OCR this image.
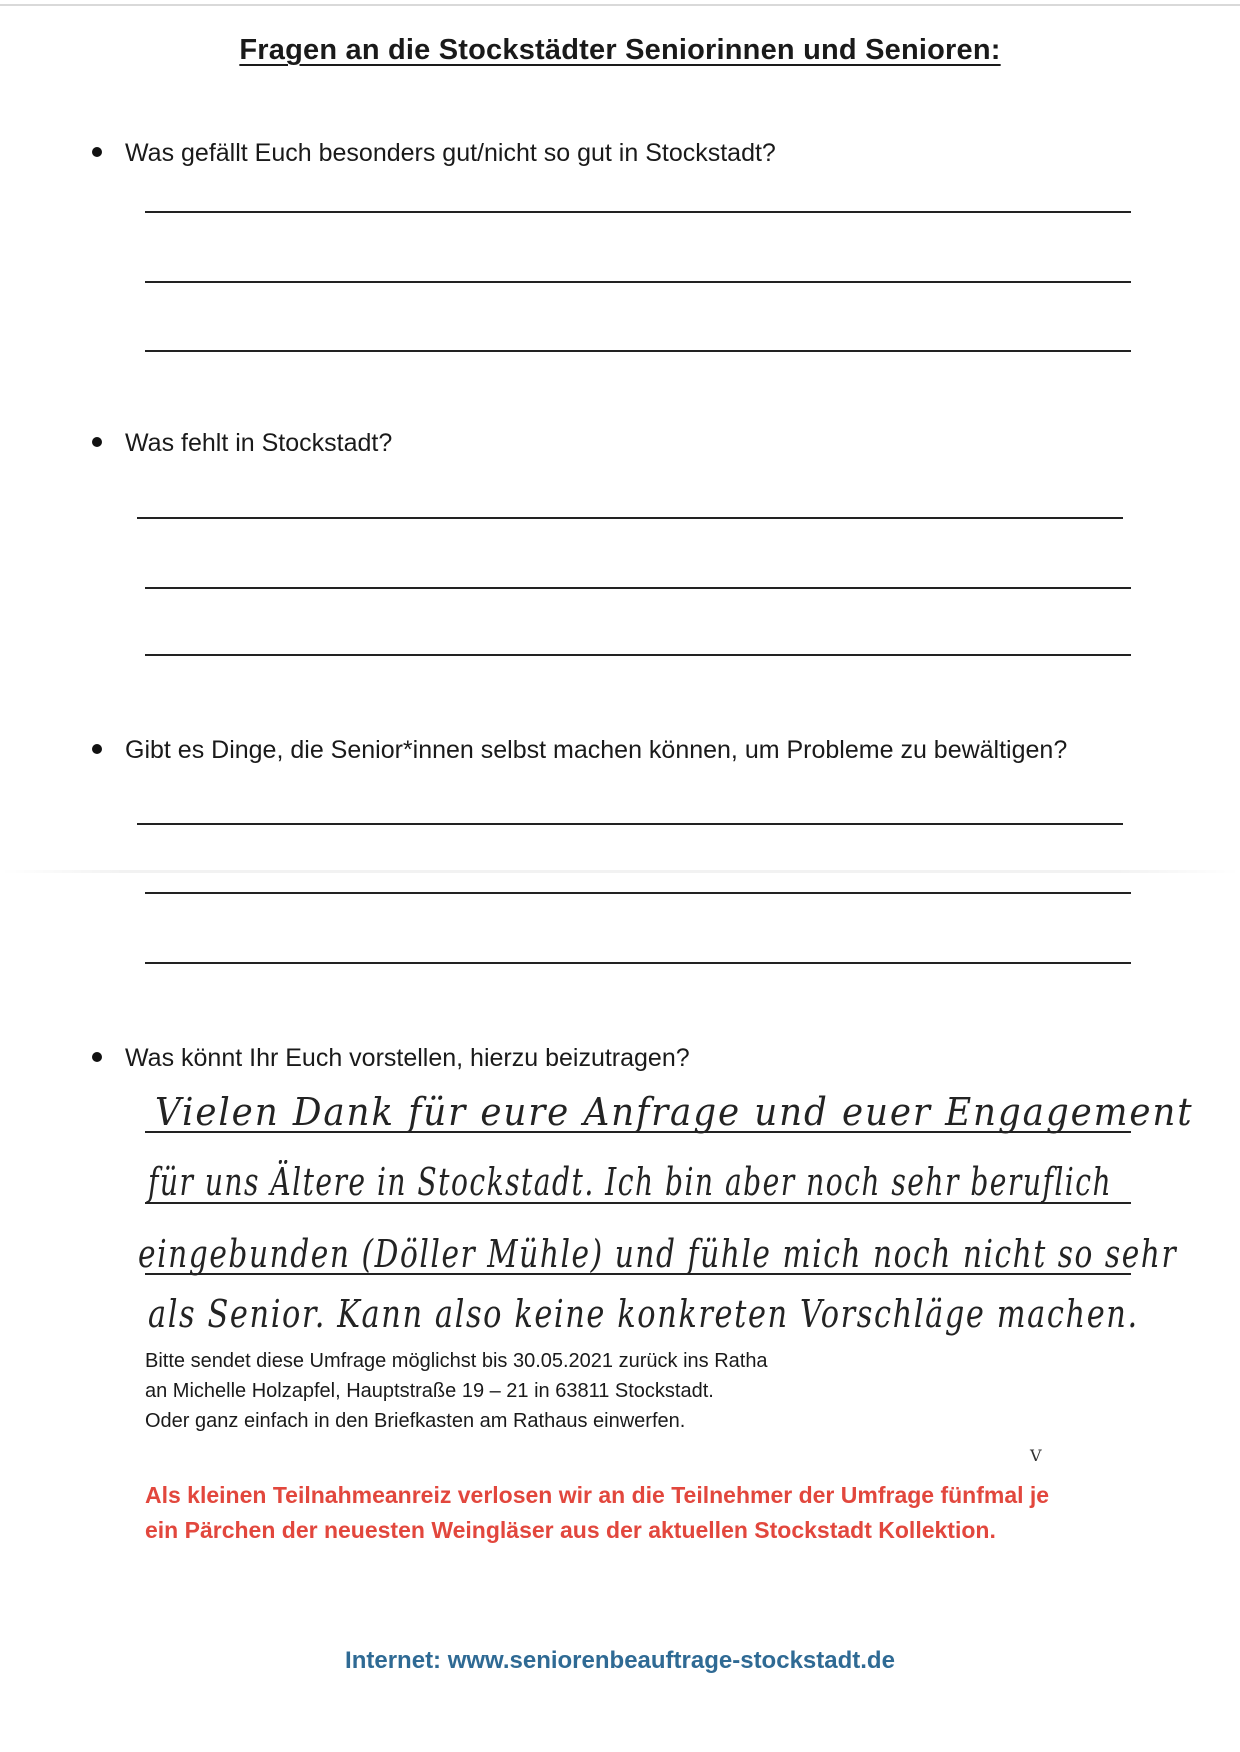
Fragen an die Stockstädter Seniorinnen und Senioren:
Was gefällt Euch besonders gut/nicht so gut in Stockstadt?
Was fehlt in Stockstadt?
Gibt es Dinge, die Senior*innen selbst machen können, um Probleme zu bewältigen?
Was könnt Ihr Euch vorstellen, hierzu beizutragen?
Vielen Dank für eure Anfrage und euer Engagement
für uns Ältere in Stockstadt. Ich bin aber noch sehr beruflich
eingebunden (Döller Mühle) und fühle mich noch nicht so sehr
als Senior. Kann also keine konkreten Vorschläge machen.
Bitte sendet diese Umfrage möglichst bis 30.05.2021 zurück ins Ratha
an Michelle Holzapfel, Hauptstraße 19 – 21 in 63811 Stockstadt.
Oder ganz einfach in den Briefkasten am Rathaus einwerfen.
V
Als kleinen Teilnahmeanreiz verlosen wir an die Teilnehmer der Umfrage fünfmal je
ein Pärchen der neuesten Weingläser aus der aktuellen Stockstadt Kollektion.
Internet: www.seniorenbeauftrage-stockstadt.de
